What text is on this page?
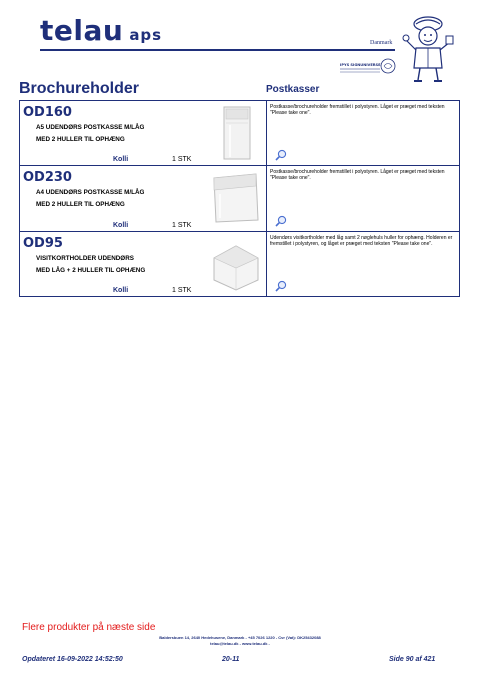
telau aps	Danmark
IPYS SIGNUNIVERSE
Brochureholder	Postkasser
OD160
A5 UDENDØRS POSTKASSE M/LÅG
MED 2 HULLER TIL OPHÆNG
Kolli	1 STK
Postkasse/brochureholder fremstillet i polystyren. Låget er præget med teksten "Please take one".
OD230
A4 UDENDØRS POSTKASSE M/LÅG
MED 2 HULLER TIL OPHÆNG
Kolli	1 STK
Postkasse/brochureholder fremstillet i polystyren. Låget er præget med teksten "Please take one".
OD95
VISITKORTHOLDER UDENDØRS
MED LÅG + 2 HULLER TIL OPHÆNG
Kolli	1 STK
Udendørs visitkortholder med låg samt 2 nøglehuls huller for ophæng. Holderen er fremstillet i polystyren, og låget er præget med teksten "Please take one".
Flere produkter på næste side
Baldersbuen 14, 2640 Hedehusene, Danmark - +45 7026 1220 - Cvr (Vat): DK25432088
telau@telau.dk - www.telau.dk -
Opdateret 16-09-2022 14:52:50	20-11	Side 90 af 421
